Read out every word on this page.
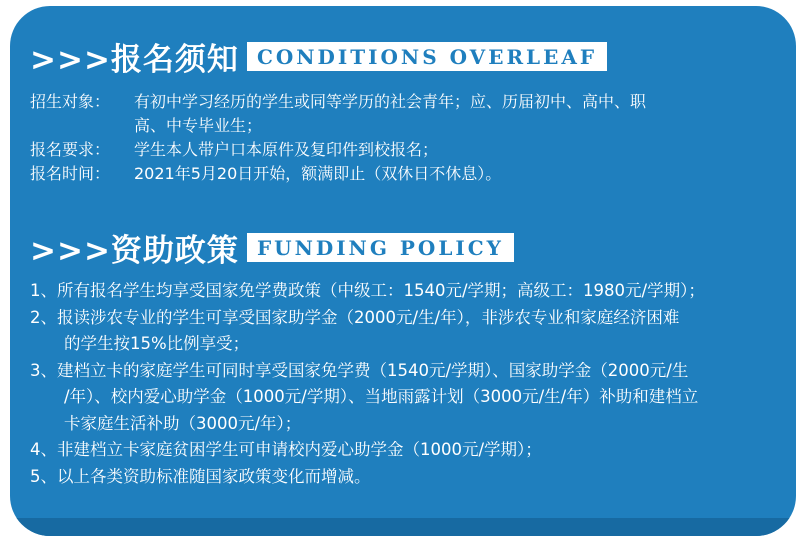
>>>报名须知 CONDITIONS OVERLEAF
招生对象：	有初中学习经历的学生或同等学历的社会青年；应、历届初中、高中、职
高、中专毕业生；
报名要求：	学生本人带户口本原件及复印件到校报名；
报名时间：	2021年5月20日开始，额满即止（双休日不休息）。
>>>资助政策 FUNDING POLICY
1、所有报名学生均享受国家免学费政策（中级工：1540元/学期；高级工：1980元/学期）；
2、报读涉农专业的学生可享受国家助学金（2000元/生/年），非涉农专业和家庭经济困难
的学生按15%比例享受；
3、建档立卡的家庭学生可同时享受国家免学费（1540元/学期）、国家助学金（2000元/生
/年）、校内爱心助学金（1000元/学期）、当地雨露计划（3000元/生/年）补助和建档立
卡家庭生活补助（3000元/年）；
4、非建档立卡家庭贫困学生可申请校内爱心助学金（1000元/学期）；
5、以上各类资助标准随国家政策变化而增减。
